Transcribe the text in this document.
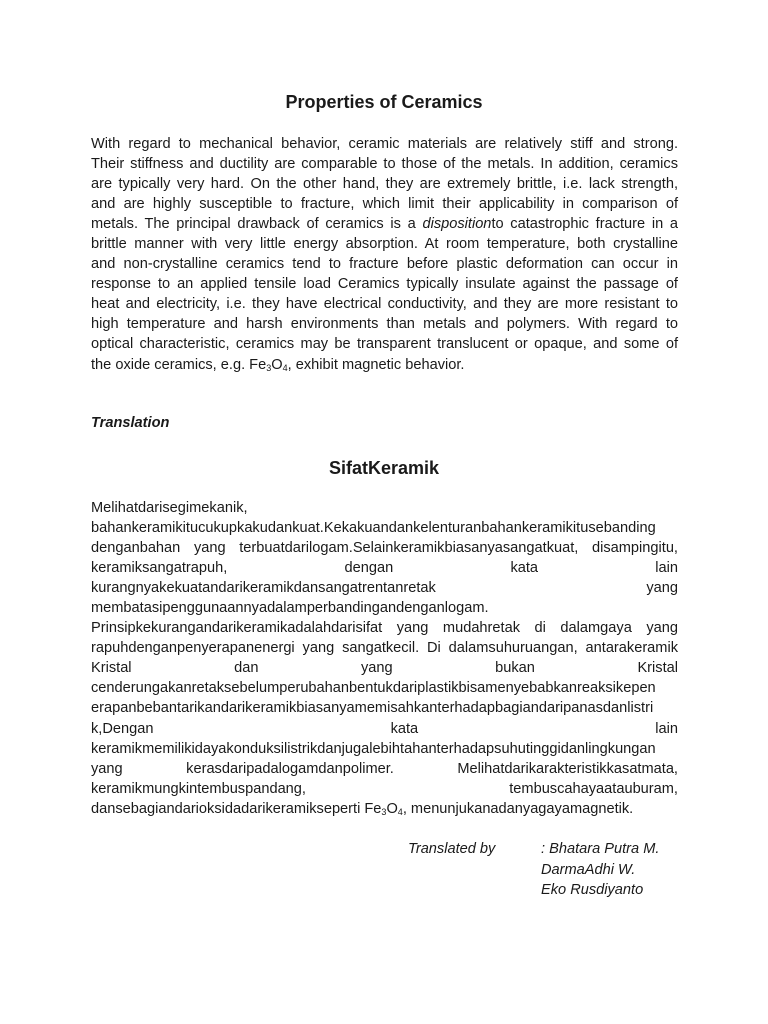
Properties of Ceramics
With regard to mechanical behavior, ceramic materials are relatively stiff and strong.
Their stiffness and ductility are comparable to those of the metals. In addition, ceramics
are typically very hard. On the other hand, they are extremely brittle, i.e. lack strength,
and are highly susceptible to fracture, which limit their applicability in comparison of
metals. The principal drawback of ceramics is a dispositionto catastrophic fracture in a
brittle manner with very little energy absorption. At room temperature, both crystalline
and non-crystalline ceramics tend to fracture before plastic deformation can occur in
response to an applied tensile load Ceramics typically insulate against the passage of
heat and electricity, i.e. they have electrical conductivity, and they are more resistant to
high temperature and harsh environments than metals and polymers. With regard to
optical characteristic, ceramics may be transparent translucent or opaque, and some of
the oxide ceramics, e.g. $Fe_3O_4$, exhibit magnetic behavior.

Translation

SifatKeramik
Melihatdarisegimekanik,
bahankeramikitucukupkakudankuat.Kekakuandankelenturanbahankeramikitusebanding
denganbahan yang terbuatdarilogam.Selainkeramikbiasanyasangatkuat, disampingitu,
keramiksangatrapuh, dengan kata lain
kurangnyakekuatandarikeramikdansangatrentanretak yang
membatasipenggunaannyadalamperbandingandenganlogam.
Prinsipkekurangandarikeramikadalahdarisifat yang mudahretak di dalamgaya yang
rapuhdenganpenyerapanenergi yang sangatkecil. Di dalamsuhuruangan, antarakeramik
Kristal dan yang bukan Kristal
cenderungakanretaksebelumperubahanbentukdariplastikbisamenyebabkanreaksikepen
erapanbebantarikandarikeramikbiasanyamemisahkanterhadapbagiandaripanasdanlistri
k,Dengan kata lain
keramikmemilikidayakonduksilistrikdanjugalebihtahanterhadapsuhutinggidanlingkungan
yang kerasdaripadalogamdanpolimer. Melihatdarikarakteristikkasatmata,
keramikmungkintembuspandang, tembuscahayaatauburam,
dansebagiandarioksidadarikeramikseperti $Fe_3O_4$, menunjukanadanyagayamagnetik.
Translated by	: Bhatara Putra M.
DarmaAdhi W.
Eko Rusdiyanto
